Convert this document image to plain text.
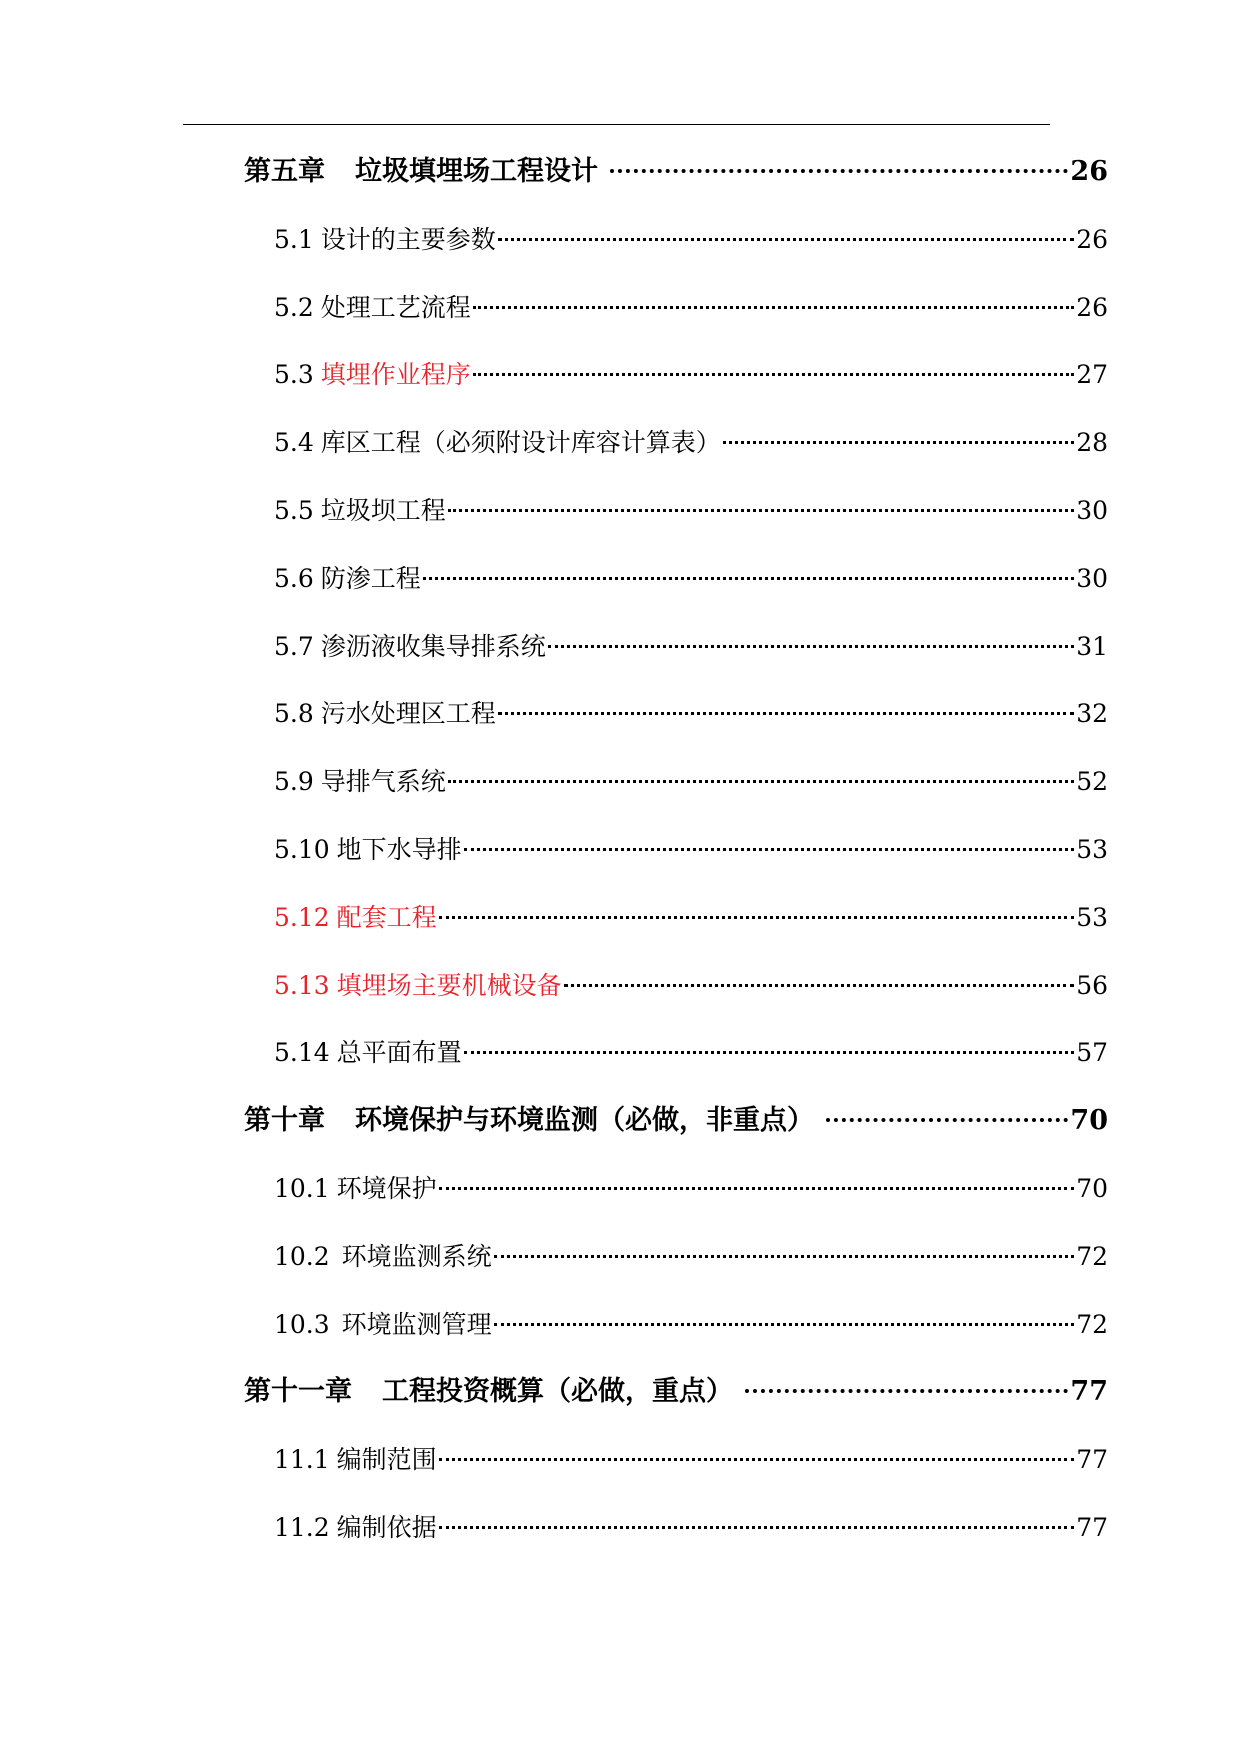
第五章 垃圾填埋场工程设计	26
5.1 设计的主要参数	26
5.2 处理工艺流程	26
5.3 填埋作业程序	27
5.4 库区工程（必须附设计库容计算表）	28
5.5 垃圾坝工程	30
5.6 防渗工程	30
5.7 渗沥液收集导排系统	31
5.8 污水处理区工程	32
5.9 导排气系统	52
5.10 地下水导排	53
5.12 配套工程	53
5.13 填埋场主要机械设备	56
5.14 总平面布置	57
第十章 环境保护与环境监测（必做，非重点）	70
10.1 环境保护	70
10.2 环境监测系统	72
10.3 环境监测管理	72
第十一章 工程投资概算（必做，重点）	77
11.1 编制范围	77
11.2 编制依据	77
